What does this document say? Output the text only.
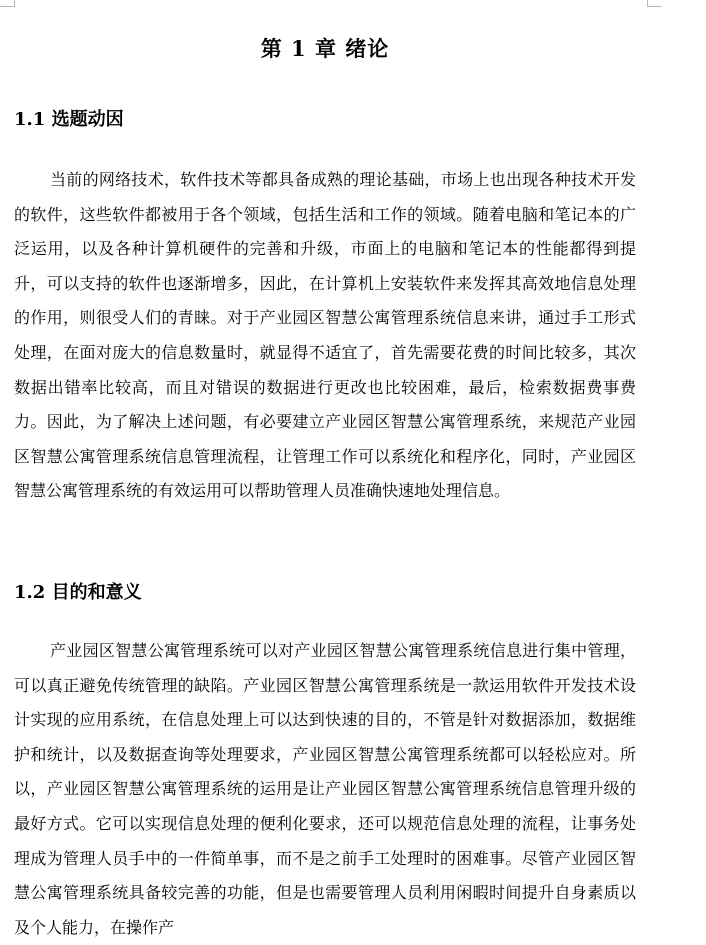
第 1 章 绪论
1.1 选题动因

当前的网络技术，软件技术等都具备成熟的理论基础，市场上也出现各种技术开发的软件，这些软件都被用于各个领域，包括生活和工作的领域。随着电脑和笔记本的广泛运用，以及各种计算机硬件的完善和升级，市面上的电脑和笔记本的性能都得到提升，可以支持的软件也逐渐增多，因此，在计算机上安装软件来发挥其高效地信息处理的作用，则很受人们的青睐。对于产业园区智慧公寓管理系统信息来讲，通过手工形式处理，在面对庞大的信息数量时，就显得不适宜了，首先需要花费的时间比较多，其次数据出错率比较高，而且对错误的数据进行更改也比较困难，最后，检索数据费事费力。因此，为了解决上述问题，有必要建立产业园区智慧公寓管理系统，来规范产业园区智慧公寓管理系统信息管理流程，让管理工作可以系统化和程序化，同时，产业园区智慧公寓管理系统的有效运用可以帮助管理人员准确快速地处理信息。

1.2 目的和意义

产业园区智慧公寓管理系统可以对产业园区智慧公寓管理系统信息进行集中管理，可以真正避免传统管理的缺陷。产业园区智慧公寓管理系统是一款运用软件开发技术设计实现的应用系统，在信息处理上可以达到快速的目的，不管是针对数据添加，数据维护和统计，以及数据查询等处理要求，产业园区智慧公寓管理系统都可以轻松应对。所以，产业园区智慧公寓管理系统的运用是让产业园区智慧公寓管理系统信息管理升级的最好方式。它可以实现信息处理的便利化要求，还可以规范信息处理的流程，让事务处理成为管理人员手中的一件简单事，而不是之前手工处理时的困难事。尽管产业园区智慧公寓管理系统具备较完善的功能，但是也需要管理人员利用闲暇时间提升自身素质以及个人能力，在操作产
